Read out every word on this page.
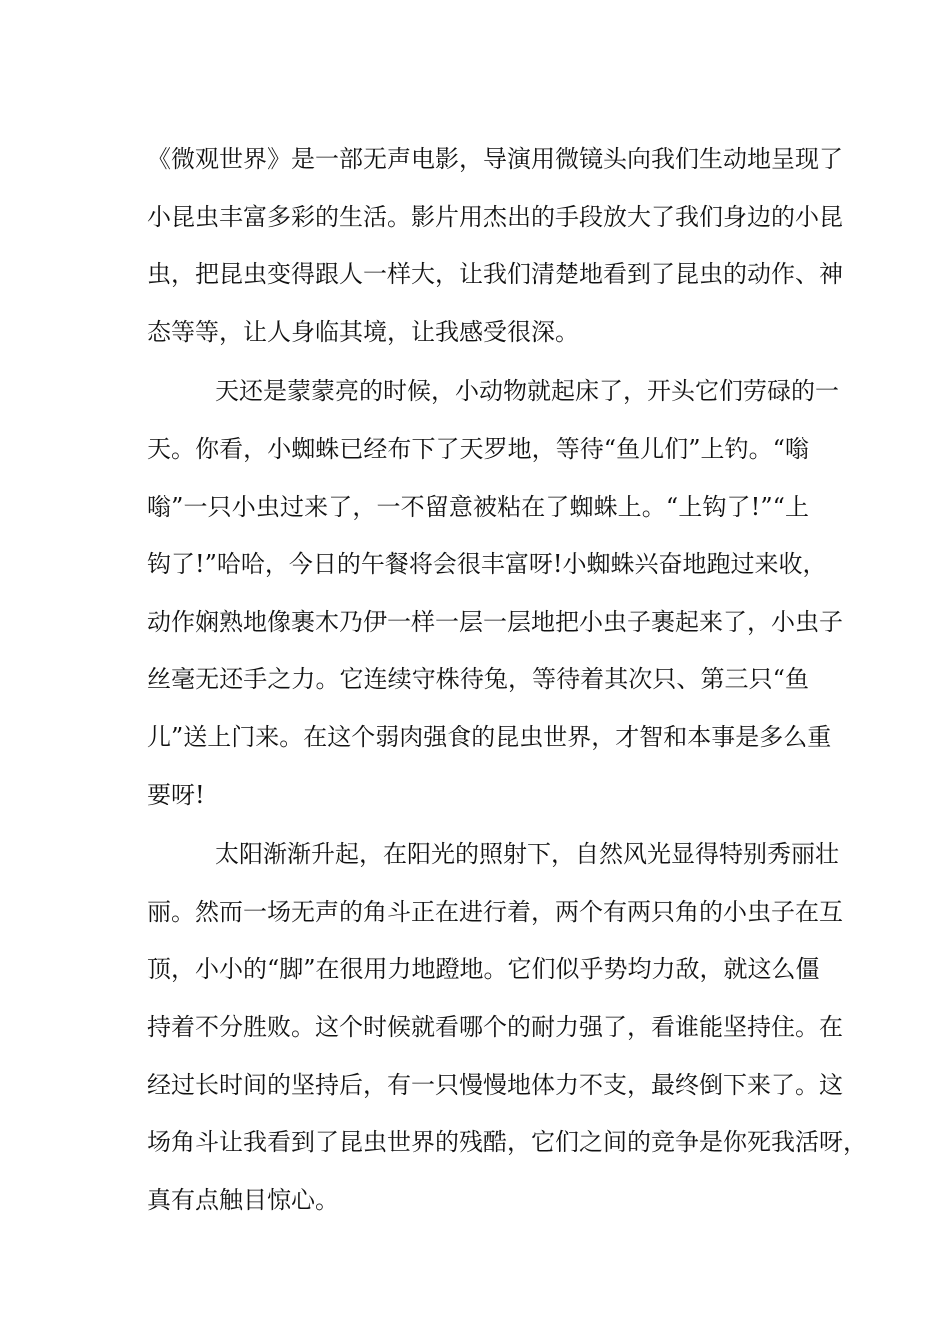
《微观世界》是一部无声电影，导演用微镜头向我们生动地呈现了
小昆虫丰富多彩的生活。影片用杰出的手段放大了我们身边的小昆
虫，把昆虫变得跟人一样大，让我们清楚地看到了昆虫的动作、神
态等等，让人身临其境，让我感受很深。
天还是蒙蒙亮的时候，小动物就起床了，开头它们劳碌的一
天。你看，小蜘蛛已经布下了天罗地，等待“鱼儿们”上钓。“嗡
嗡”一只小虫过来了，一不留意被粘在了蜘蛛上。“上钩了!”“上
钩了!”哈哈，今日的午餐将会很丰富呀!小蜘蛛兴奋地跑过来收，
动作娴熟地像裹木乃伊一样一层一层地把小虫子裹起来了，小虫子
丝毫无还手之力。它连续守株待兔，等待着其次只、第三只“鱼
儿”送上门来。在这个弱肉强食的昆虫世界，才智和本事是多么重
要呀!
太阳渐渐升起，在阳光的照射下，自然风光显得特别秀丽壮
丽。然而一场无声的角斗正在进行着，两个有两只角的小虫子在互
顶，小小的“脚”在很用力地蹬地。它们似乎势均力敌，就这么僵
持着不分胜败。这个时候就看哪个的耐力强了，看谁能坚持住。在
经过长时间的坚持后，有一只慢慢地体力不支，最终倒下来了。这
场角斗让我看到了昆虫世界的残酷，它们之间的竞争是你死我活呀，
真有点触目惊心。
